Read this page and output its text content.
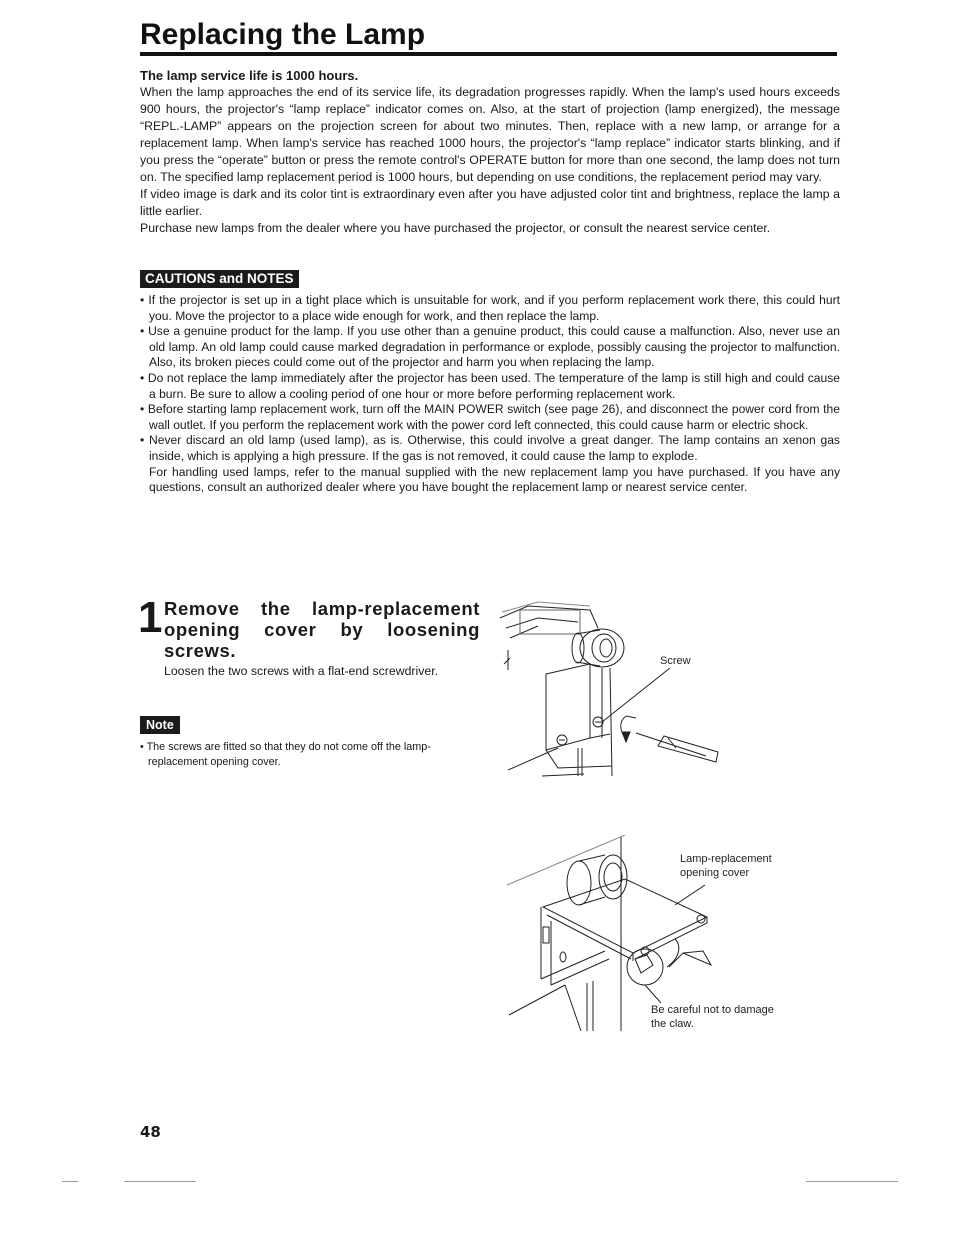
Replacing the Lamp
The lamp service life is 1000 hours.

When the lamp approaches the end of its service life, its degradation progresses rapidly. When the lamp's used hours exceeds 900 hours, the projector's “lamp replace” indicator comes on. Also, at the start of projection (lamp energized), the message “REPL.-LAMP” appears on the projection screen for about two minutes. Then, replace with a new lamp, or arrange for a replacement lamp. When lamp's service has reached 1000 hours, the projector's “lamp replace” indicator starts blinking, and if you press the “operate” button or press the remote control's OPERATE button for more than one second, the lamp does not turn on. The specified lamp replacement period is 1000 hours, but depending on use conditions, the replacement period may vary.

If video image is dark and its color tint is extraordinary even after you have adjusted color tint and brightness, replace the lamp a little earlier.

Purchase new lamps from the dealer where you have purchased the projector, or consult the nearest service center.

CAUTIONS and NOTES
• If the projector is set up in a tight place which is unsuitable for work, and if you perform replacement work there, this could hurt you. Move the projector to a place wide enough for work, and then replace the lamp.
• Use a genuine product for the lamp. If you use other than a genuine product, this could cause a malfunction. Also, never use an old lamp. An old lamp could cause marked degradation in performance or explode, possibly causing the projector to malfunction. Also, its broken pieces could come out of the projector and harm you when replacing the lamp.
• Do not replace the lamp immediately after the projector has been used. The temperature of the lamp is still high and could cause a burn. Be sure to allow a cooling period of one hour or more before performing replacement work.
• Before starting lamp replacement work, turn off the MAIN POWER switch (see page 26), and disconnect the power cord from the wall outlet. If you perform the replacement work with the power cord left connected, this could cause harm or electric shock.
• Never discard an old lamp (used lamp), as is. Otherwise, this could involve a great danger. The lamp contains an xenon gas inside, which is applying a high pressure. If the gas is not removed, it could cause the lamp to explode.
For handling used lamps, refer to the manual supplied with the new replacement lamp you have purchased. If you have any questions, consult an authorized dealer where you have bought the replacement lamp or nearest service center.
1 Remove the lamp-replacement opening cover by loosening screws.
Loosen the two screws with a flat-end screwdriver.
Note
• The screws are fitted so that they do not come off the lamp-replacement opening cover.
Screw
Lamp-replacement
opening cover
Be careful not to damage
the claw.
48
